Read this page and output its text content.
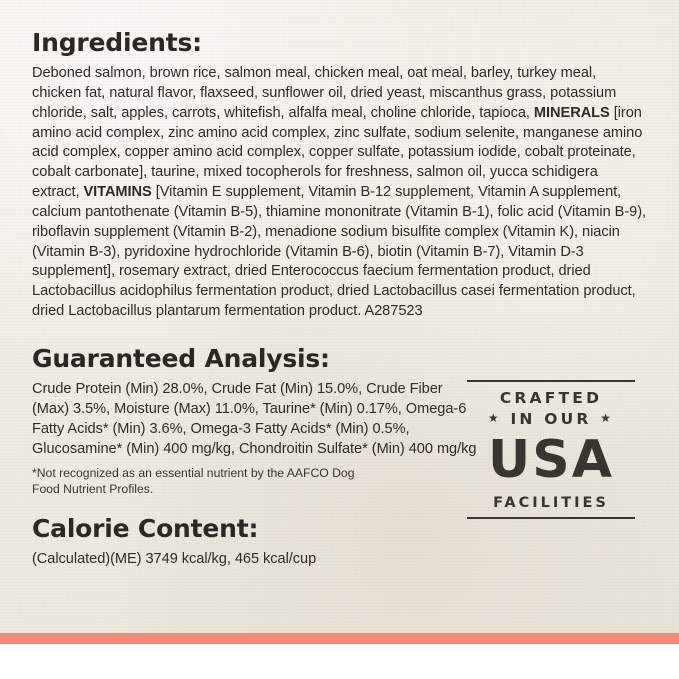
Ingredients:

Deboned salmon, brown rice, salmon meal, chicken meal, oat meal, barley, turkey meal, chicken fat, natural flavor, flaxseed, sunflower oil, dried yeast, miscanthus grass, potassium chloride, salt, apples, carrots, whitefish, alfalfa meal, choline chloride, tapioca, MINERALS [iron amino acid complex, zinc amino acid complex, zinc sulfate, sodium selenite, manganese amino acid complex, copper amino acid complex, copper sulfate, potassium iodide, cobalt proteinate, cobalt carbonate], taurine, mixed tocopherols for freshness, salmon oil, yucca schidigera extract, VITAMINS [Vitamin E supplement, Vitamin B-12 supplement, Vitamin A supplement, calcium pantothenate (Vitamin B-5), thiamine mononitrate (Vitamin B-1), folic acid (Vitamin B-9), riboflavin supplement (Vitamin B-2), menadione sodium bisulfite complex (Vitamin K), niacin (Vitamin B-3), pyridoxine hydrochloride (Vitamin B-6), biotin (Vitamin B-7), Vitamin D-3 supplement], rosemary extract, dried Enterococcus faecium fermentation product, dried Lactobacillus acidophilus fermentation product, dried Lactobacillus casei fermentation product, dried Lactobacillus plantarum fermentation product. A287523

Guaranteed Analysis:

Crude Protein (Min) 28.0%, Crude Fat (Min) 15.0%, Crude Fiber (Max) 3.5%, Moisture (Max) 11.0%, Taurine* (Min) 0.17%, Omega-6 Fatty Acids* (Min) 3.6%, Omega-3 Fatty Acids* (Min) 0.5%, Glucosamine* (Min) 400 mg/kg, Chondroitin Sulfate* (Min) 400 mg/kg

*Not recognized as an essential nutrient by the AAFCO Dog Food Nutrient Profiles.

CRAFTED
★ IN OUR ★
USA
FACILITIES
Calorie Content:

(Calculated)(ME) 3749 kcal/kg, 465 kcal/cup
